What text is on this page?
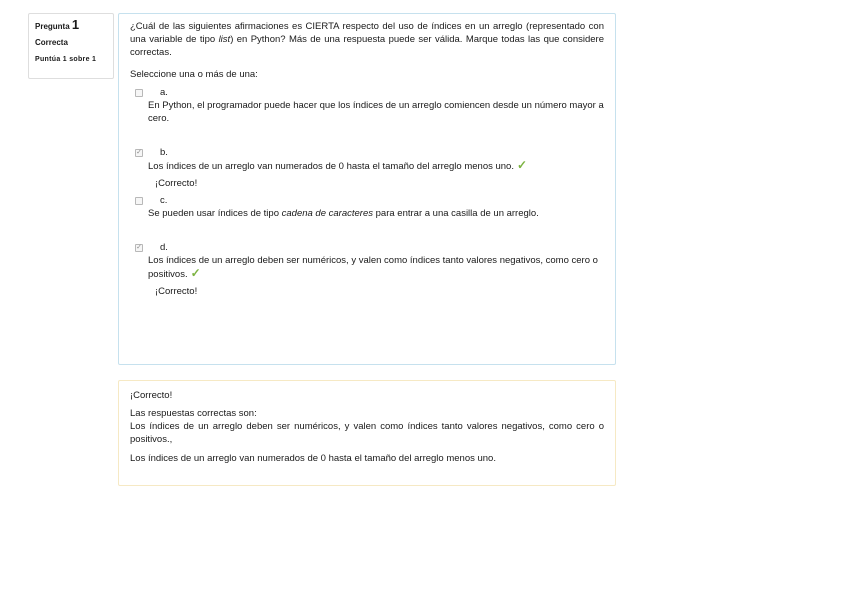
Pregunta 1
Correcta
Puntúa 1 sobre 1
¿Cuál de las siguientes afirmaciones es CIERTA respecto del uso de índices en un arreglo (representado con una variable de tipo list) en Python? Más de una respuesta puede ser válida. Marque todas las que considere correctas.
Seleccione una o más de una:
a.
En Python, el programador puede hacer que los índices de un arreglo comiencen desde un número mayor a cero.
✓ b.
Los índices de un arreglo van numerados de 0 hasta el tamaño del arreglo menos uno. ✓
¡Correcto!
c.
Se pueden usar índices de tipo cadena de caracteres para entrar a una casilla de un arreglo.
✓ d.
Los índices de un arreglo deben ser numéricos, y valen como índices tanto valores negativos, como cero o positivos. ✓
¡Correcto!
¡Correcto!
Las respuestas correctas son:

Los índices de un arreglo deben ser numéricos, y valen como índices tanto valores negativos, como cero o positivos.,

Los índices de un arreglo van numerados de 0 hasta el tamaño del arreglo menos uno.
